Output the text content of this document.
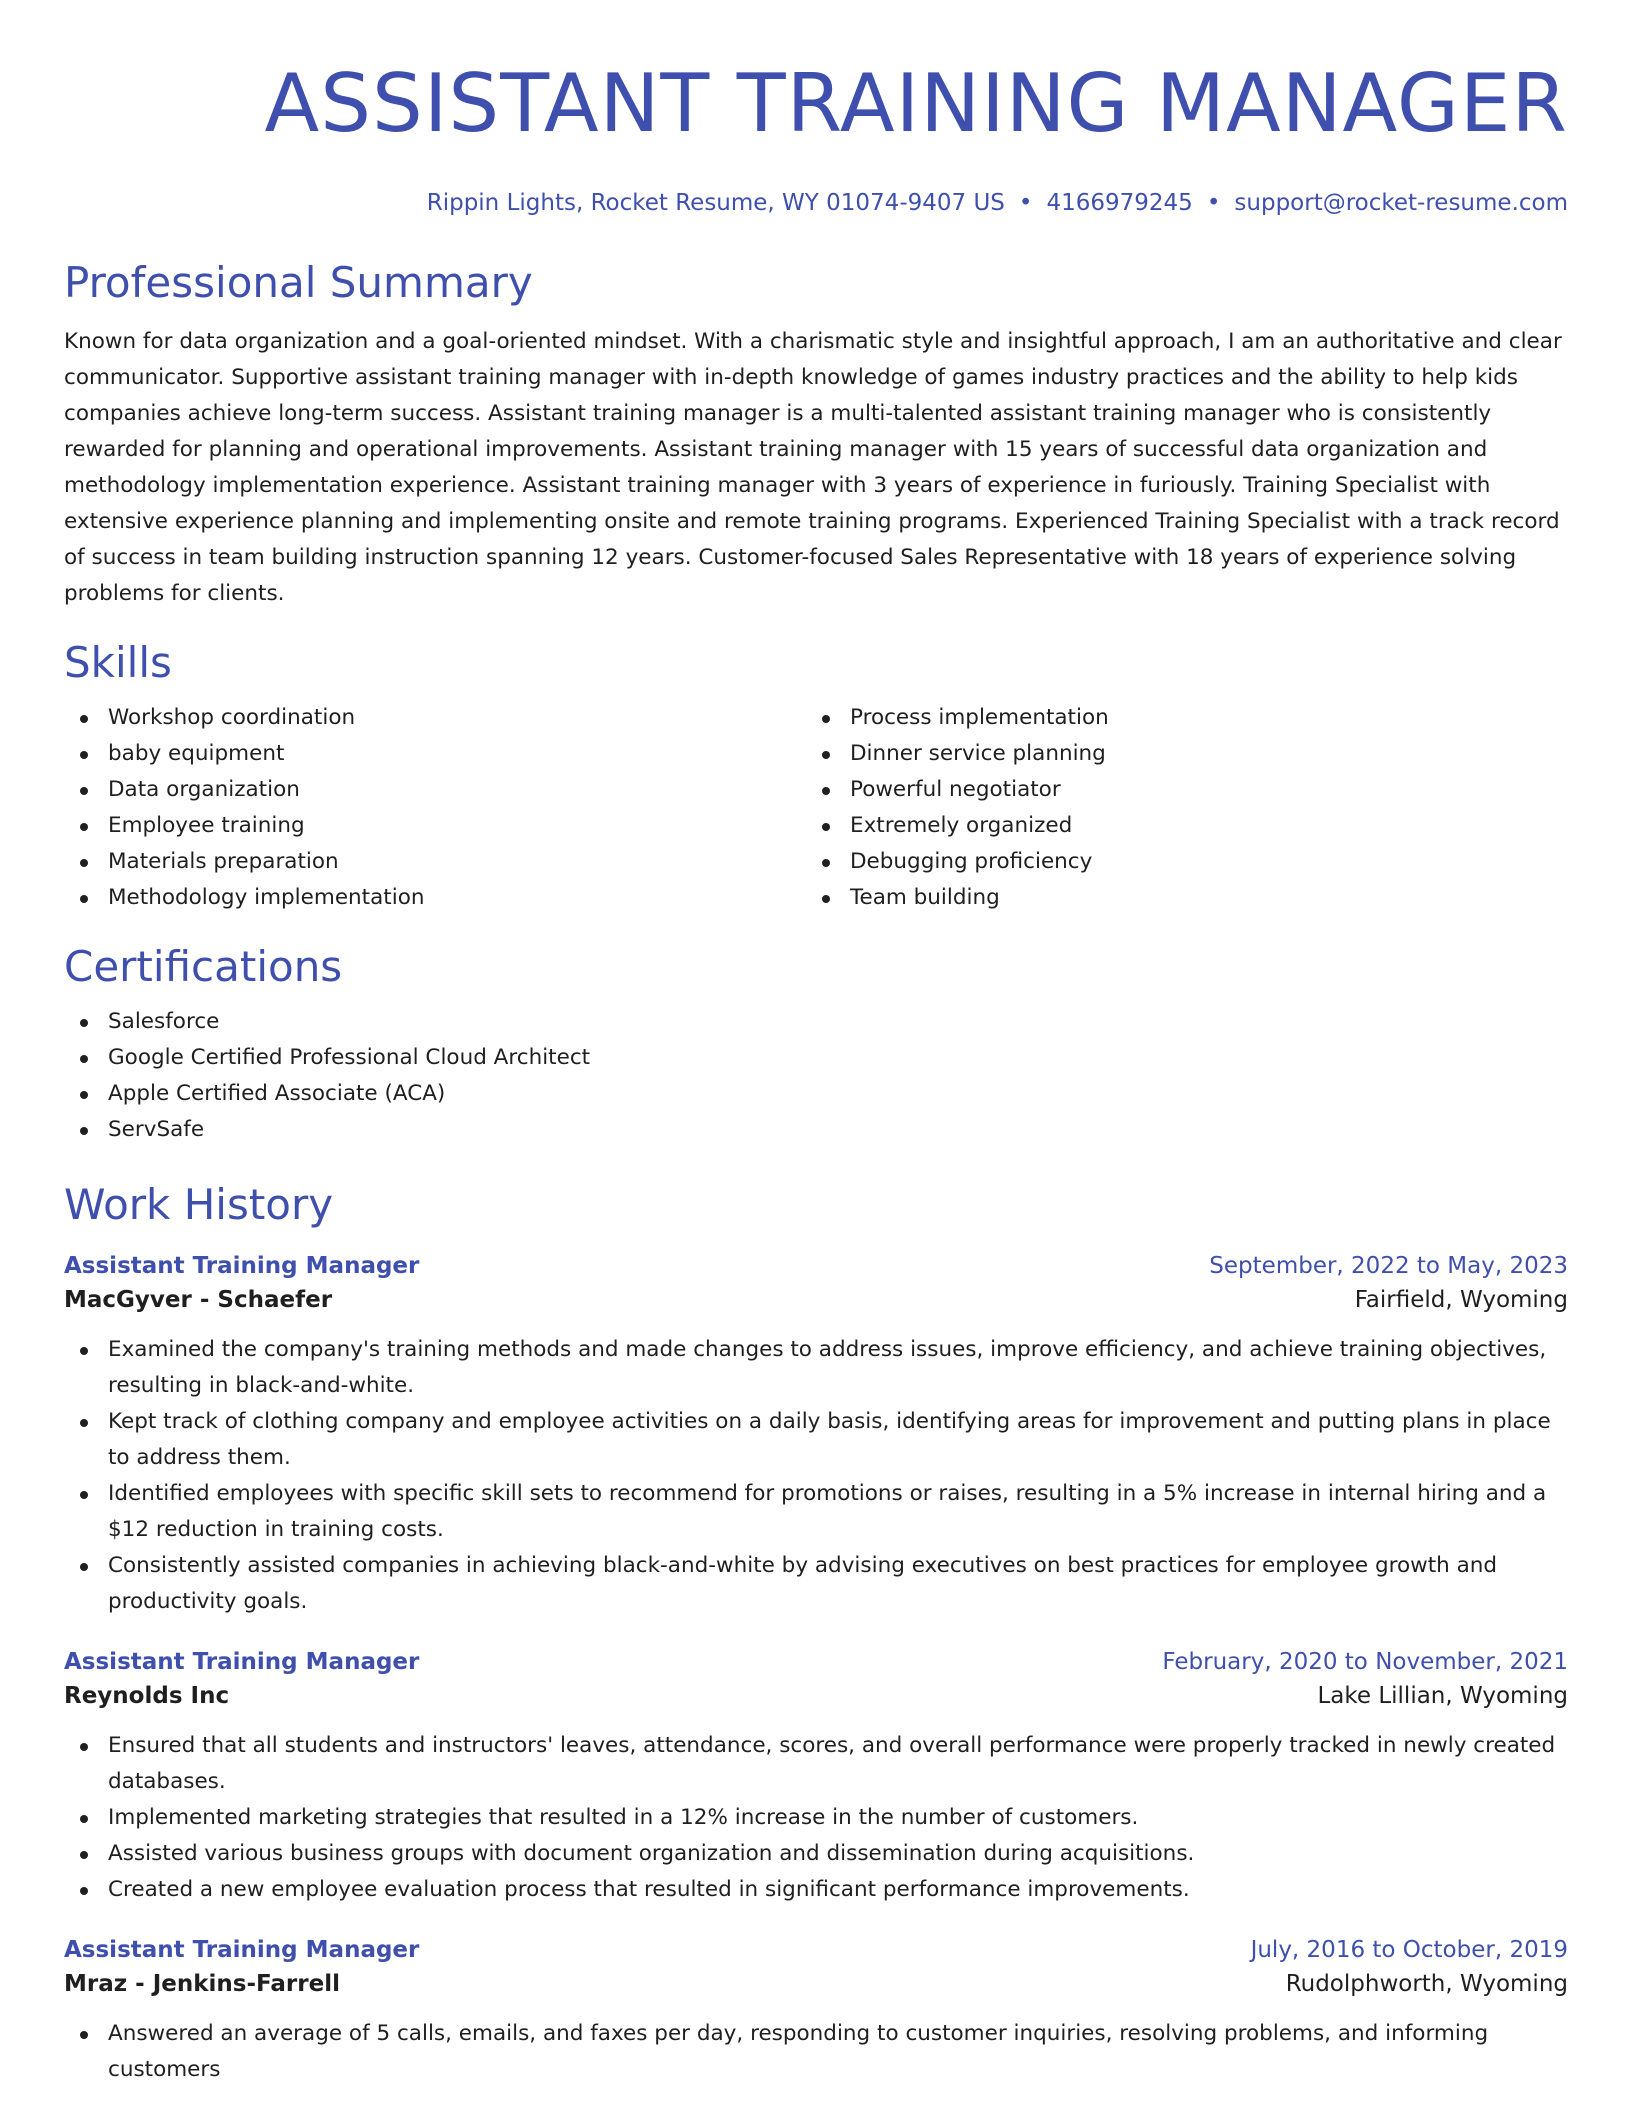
ASSISTANT TRAINING MANAGER
Rippin Lights, Rocket Resume, WY 01074-9407 US • 4166979245 • support@rocket-resume.com
Professional Summary
Known for data organization and a goal-oriented mindset. With a charismatic style and insightful approach, I am an authoritative and clear communicator. Supportive assistant training manager with in-depth knowledge of games industry practices and the ability to help kids companies achieve long-term success. Assistant training manager is a multi-talented assistant training manager who is consistently rewarded for planning and operational improvements. Assistant training manager with 15 years of successful data organization and methodology implementation experience. Assistant training manager with 3 years of experience in furiously. Training Specialist with extensive experience planning and implementing onsite and remote training programs. Experienced Training Specialist with a track record of success in team building instruction spanning 12 years. Customer-focused Sales Representative with 18 years of experience solving problems for clients.
Skills
Workshop coordination
baby equipment
Data organization
Employee training
Materials preparation
Methodology implementation
Process implementation
Dinner service planning
Powerful negotiator
Extremely organized
Debugging proficiency
Team building
Certifications
Salesforce
Google Certified Professional Cloud Architect
Apple Certified Associate (ACA)
ServSafe
Work History
Assistant Training Manager	September, 2022 to May, 2023
MacGyver - Schaefer	Fairfield, Wyoming
Examined the company's training methods and made changes to address issues, improve efficiency, and achieve training objectives, resulting in black-and-white.
Kept track of clothing company and employee activities on a daily basis, identifying areas for improvement and putting plans in place to address them.
Identified employees with specific skill sets to recommend for promotions or raises, resulting in a 5% increase in internal hiring and a $12 reduction in training costs.
Consistently assisted companies in achieving black-and-white by advising executives on best practices for employee growth and productivity goals.
Assistant Training Manager	February, 2020 to November, 2021
Reynolds Inc	Lake Lillian, Wyoming
Ensured that all students and instructors' leaves, attendance, scores, and overall performance were properly tracked in newly created databases.
Implemented marketing strategies that resulted in a 12% increase in the number of customers.
Assisted various business groups with document organization and dissemination during acquisitions.
Created a new employee evaluation process that resulted in significant performance improvements.
Assistant Training Manager	July, 2016 to October, 2019
Mraz - Jenkins-Farrell	Rudolphworth, Wyoming
Answered an average of 5 calls, emails, and faxes per day, responding to customer inquiries, resolving problems, and informing customers
